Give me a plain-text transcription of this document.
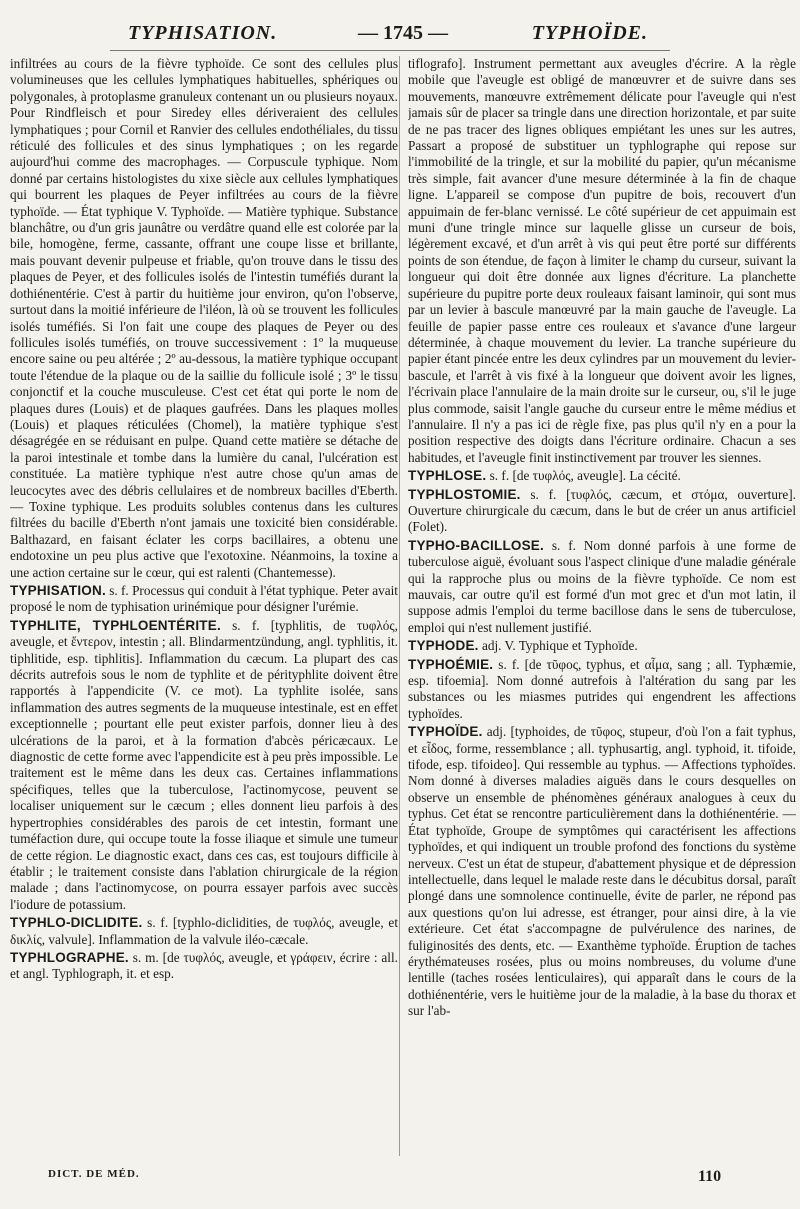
TYPHISATION.	— 1745 —	TYPHOÏDE.

infiltrées au cours de la fièvre typhoïde. Ce sont des cellules plus volumineuses que les cellules lymphatiques habituelles, sphériques ou polygonales, à protoplasme granuleux contenant un ou plusieurs noyaux. Pour Rindfleisch et pour Siredey elles dériveraient des cellules lymphatiques ; pour Cornil et Ranvier des cellules endothéliales, du tissu réticulé des follicules et des sinus lymphatiques ; on les regarde aujourd'hui comme des macrophages. — Corpuscule typhique. Nom donné par certains histologistes du xixe siècle aux cellules lymphatiques qui bourrent les plaques de Peyer infiltrées au cours de la fièvre typhoïde. — État typhique V. Typhoïde. — Matière typhique. Substance blanchâtre, ou d'un gris jaunâtre ou verdâtre quand elle est colorée par la bile, homogène, ferme, cassante, offrant une coupe lisse et brillante, mais pouvant devenir pulpeuse et friable, qu'on trouve dans le tissu des plaques de Peyer, et des follicules isolés de l'intestin tuméfiés durant la dothiénentérie. C'est à partir du huitième jour environ, qu'on l'observe, surtout dans la moitié inférieure de l'iléon, là où se trouvent les follicules isolés tuméfiés. Si l'on fait une coupe des plaques de Peyer ou des follicules isolés tuméfiés, on trouve successivement : 1º la muqueuse encore saine ou peu altérée ; 2º au-dessous, la matière typhique occupant toute l'étendue de la plaque ou de la saillie du follicule isolé ; 3º le tissu conjonctif et la couche musculeuse. C'est cet état qui porte le nom de plaques dures (Louis) et de plaques gaufrées. Dans les plaques molles (Louis) et plaques réticulées (Chomel), la matière typhique s'est désagrégée en se réduisant en pulpe. Quand cette matière se détache de la paroi intestinale et tombe dans la lumière du canal, l'ulcération est constituée. La matière typhique n'est autre chose qu'un amas de leucocytes avec des débris cellulaires et de nombreux bacilles d'Eberth. — Toxine typhique. Les produits solubles contenus dans les cultures filtrées du bacille d'Eberth n'ont jamais une toxicité bien considérable. Balthazard, en faisant éclater les corps bacillaires, a obtenu une endotoxine un peu plus active que l'exotoxine. Néanmoins, la toxine a une action certaine sur le cœur, qui est ralenti (Chantemesse).

TYPHISATION. s. f. Processus qui conduit à l'état typhique. Peter avait proposé le nom de typhisation urinémique pour désigner l'urémie.

TYPHLITE, TYPHLOENTÉRITE. s. f. [typhlitis, de τυφλός, aveugle, et ἔντερον, intestin ; all. Blindarmentzündung, angl. typhlitis, it. tiphlitide, esp. tiphlitis]. Inflammation du cæcum. La plupart des cas décrits autrefois sous le nom de typhlite et de pérityphlite doivent être rapportés à l'appendicite (V. ce mot). La typhlite isolée, sans inflammation des autres segments de la muqueuse intestinale, est en effet exceptionnelle ; pourtant elle peut exister parfois, donner lieu à des ulcérations de la paroi, et à la formation d'abcès péricæcaux. Le diagnostic de cette forme avec l'appendicite est à peu près impossible. Le traitement est le même dans les deux cas. Certaines inflammations spécifiques, telles que la tuberculose, l'actinomycose, peuvent se localiser uniquement sur le cæcum ; elles donnent lieu parfois à des hypertrophies considérables des parois de cet intestin, formant une tuméfaction dure, qui occupe toute la fosse iliaque et simule une tumeur de cette région. Le diagnostic exact, dans ces cas, est toujours difficile à établir ; le traitement consiste dans l'ablation chirurgicale de la région malade ; dans l'actinomycose, on pourra essayer parfois avec succès l'iodure de potassium.

TYPHLO-DICLIDITE. s. f. [typhlo-diclidities, de τυφλός, aveugle, et δικλίς, valvule]. Inflammation de la valvule iléo-cæcale.

TYPHLOGRAPHE. s. m. [de τυφλός, aveugle, et γράφειν, écrire : all. et angl. Typhlograph, it. et esp.

tiflografo]. Instrument permettant aux aveugles d'écrire. A la règle mobile que l'aveugle est obligé de manœuvrer et de suivre dans ses mouvements, manœuvre extrêmement délicate pour l'aveugle qui n'est jamais sûr de placer sa tringle dans une direction horizontale, et par suite de ne pas tracer des lignes obliques empiétant les unes sur les autres, Passart a proposé de substituer un typhlographe qui repose sur l'immobilité de la tringle, et sur la mobilité du papier, qu'un mécanisme très simple, fait avancer d'une mesure déterminée à la fin de chaque ligne. L'appareil se compose d'un pupitre de bois, recouvert d'un appuimain de fer-blanc vernissé. Le côté supérieur de cet appuimain est muni d'une tringle mince sur laquelle glisse un curseur de bois, légèrement excavé, et d'un arrêt à vis qui peut être porté sur différents points de son étendue, de façon à limiter le champ du curseur, suivant la longueur qui doit être donnée aux lignes d'écriture. La planchette supérieure du pupitre porte deux rouleaux faisant laminoir, qui sont mus par un levier à bascule manœuvré par la main gauche de l'aveugle. La feuille de papier passe entre ces rouleaux et s'avance d'une largeur déterminée, à chaque mouvement du levier. La tranche supérieure du papier étant pincée entre les deux cylindres par un mouvement du levier-bascule, et l'arrêt à vis fixé à la longueur que doivent avoir les lignes, l'écrivain place l'annulaire de la main droite sur le curseur, ou, s'il le juge plus commode, saisit l'angle gauche du curseur entre le même médius et l'annulaire. Il n'y a pas ici de règle fixe, pas plus qu'il n'y en a pour la position respective des doigts dans l'écriture ordinaire. Chacun a ses habitudes, et l'aveugle finit instinctivement par trouver les siennes.

TYPHLOSE. s. f. [de τυφλός, aveugle]. La cécité.

TYPHLOSTOMIE. s. f. [τυφλός, cæcum, et στόμα, ouverture]. Ouverture chirurgicale du cæcum, dans le but de créer un anus artificiel (Folet).

TYPHO-BACILLOSE. s. f. Nom donné parfois à une forme de tuberculose aiguë, évoluant sous l'aspect clinique d'une maladie générale qui la rapproche plus ou moins de la fièvre typhoïde. Ce nom est mauvais, car outre qu'il est formé d'un mot grec et d'un mot latin, il suppose admis l'emploi du terme bacillose dans le sens de tuberculose, emploi qui n'est nullement justifié.

TYPHODE. adj. V. Typhique et Typhoïde.

TYPHOÉMIE. s. f. [de τῦφος, typhus, et αἷμα, sang ; all. Typhæmie, esp. tifoemia]. Nom donné autrefois à l'altération du sang par les substances ou les miasmes putrides qui engendrent les affections typhoïdes.

TYPHOÏDE. adj. [typhoides, de τῦφος, stupeur, d'où l'on a fait typhus, et εἶδος, forme, ressemblance ; all. typhusartig, angl. typhoid, it. tifoide, tifode, esp. tifoideo]. Qui ressemble au typhus. — Affections typhoïdes. Nom donné à diverses maladies aiguës dans le cours desquelles on observe un ensemble de phénomènes généraux analogues à ceux du typhus. Cet état se rencontre particulièrement dans la dothiénentérie. — État typhoïde, Groupe de symptômes qui caractérisent les affections typhoïdes, et qui indiquent un trouble profond des fonctions du système nerveux. C'est un état de stupeur, d'abattement physique et de dépression intellectuelle, dans lequel le malade reste dans le décubitus dorsal, paraît plongé dans une somnolence continuelle, évite de parler, ne répond pas aux questions qu'on lui adresse, est étranger, pour ainsi dire, à la vie extérieure. Cet état s'accompagne de pulvérulence des narines, de fuliginosités des dents, etc. — Exanthème typhoïde. Éruption de taches érythémateuses rosées, plus ou moins nombreuses, du volume d'une lentille (taches rosées lenticulaires), qui apparaît dans le cours de la dothiénentérie, vers le huitième jour de la maladie, à la base du thorax et sur l'ab-

DICT. DE MÉD.	110
